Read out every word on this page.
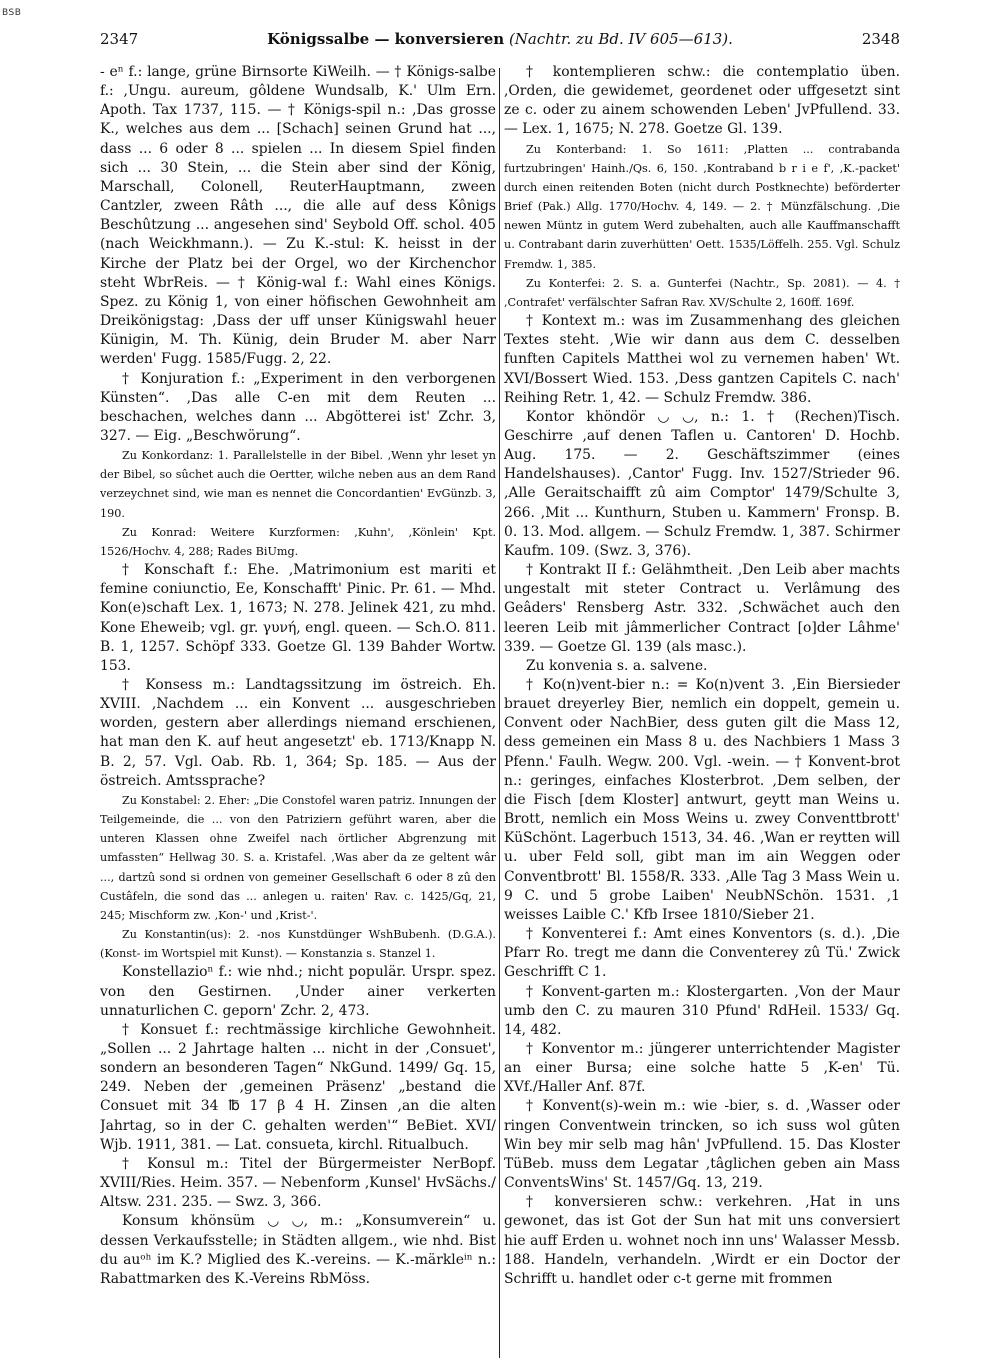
BSB
2347	Königssalbe — konversieren (Nachtr. zu Bd. IV 605—613).	2348

- eⁿ f.: lange, grüne Birnsorte KiWeilh. — † Königs-salbe f.: ,Ungu. aureum, gôldene Wundsalb, K.' Ulm Ern. Apoth. Tax 1737, 115. — † Königs-spil n.: ,Das grosse K., welches aus dem ... [Schach] seinen Grund hat ..., dass ... 6 oder 8 ... spielen ... In diesem Spiel finden sich ... 30 Stein, ... die Stein aber sind der König, Marschall, Colonell, ReuterHauptmann, zween Cantzler, zween Râth ..., die alle auf dess Kônigs Beschûtzung ... angesehen sind' Seybold Off. schol. 405 (nach Weickhmann.). — Zu K.-stul: K. heisst in der Kirche der Platz bei der Orgel, wo der Kirchenchor steht WbrReis. — † König-wal f.: Wahl eines Königs. Spez. zu König 1, von einer höfischen Gewohnheit am Dreikönigstag: ,Dass der uff unser Künigswahl heuer Künigin, M. Th. Künig, dein Bruder M. aber Narr werden' Fugg. 1585/Fugg. 2, 22.

† Konjuration f.: „Experiment in den verborgenen Künsten“. ,Das alle C-en mit dem Reuten ... beschachen, welches dann ... Abgötterei ist' Zchr. 3, 327. — Eig. „Beschwörung“.

Zu Konkordanz: 1. Parallelstelle in der Bibel. ,Wenn yhr leset yn der Bibel, so sûchet auch die Oertter, wilche neben aus an dem Rand verzeychnet sind, wie man es nennet die Concordantien' EvGünzb. 3, 190.

Zu Konrad: Weitere Kurzformen: ,Kuhn', ,Könlein' Kpt. 1526/Hochv. 4, 288; Rades BiUmg.

† Konschaft f.: Ehe. ,Matrimonium est mariti et femine coniunctio, Ee, Konschafft' Pinic. Pr. 61. — Mhd. Kon(e)schaft Lex. 1, 1673; N. 278. Jelinek 421, zu mhd. Kone Eheweib; vgl. gr. γυνή, engl. queen. — Sch.O. 811. B. 1, 1257. Schöpf 333. Goetze Gl. 139 Bahder Wortw. 153.

† Konsess m.: Landtagssitzung im östreich. Eh. XVIII. ,Nachdem ... ein Konvent ... ausgeschrieben worden, gestern aber allerdings niemand erschienen, hat man den K. auf heut angesetzt' eb. 1713/Knapp N. B. 2, 57. Vgl. Oab. Rb. 1, 364; Sp. 185. — Aus der östreich. Amtssprache?

Zu Konstabel: 2. Eher: „Die Constofel waren patriz. Innungen der Teilgemeinde, die ... von den Patriziern geführt waren, aber die unteren Klassen ohne Zweifel nach örtlicher Abgrenzung mit umfassten“ Hellwag 30. S. a. Kristafel. ,Was aber da ze geltent wâr ..., dartzû sond si ordnen von gemeiner Gesellschaft 6 oder 8 zû den Custâfeln, die sond das ... anlegen u. raiten' Rav. c. 1425/Gq, 21, 245; Mischform zw. ,Kon-' und ,Krist-'.

Zu Konstantin(us): 2. -nos Kunstdünger WshBubenh. (D.G.A.). (Konst- im Wortspiel mit Kunst). — Konstanzia s. Stanzel 1.

Konstellazioⁿ f.: wie nhd.; nicht populär. Urspr. spez. von den Gestirnen. ,Under ainer verkerten unnaturlichen C. geporn' Zchr. 2, 473.

† Konsuet f.: rechtmässige kirchliche Gewohnheit. „Sollen ... 2 Jahrtage halten ... nicht in der ,Consuet', sondern an besonderen Tagen“ NkGund. 1499/ Gq. 15, 249. Neben der ,gemeinen Präsenz' „bestand die Consuet mit 34 ℔ 17 β 4 H. Zinsen ,an die alten Jahrtag, so in der C. gehalten werden'“ BeBiet. XVI/ Wjb. 1911, 381. — Lat. consueta, kirchl. Ritualbuch.

† Konsul m.: Titel der Bürgermeister NerBopf. XVIII/Ries. Heim. 357. — Nebenform ,Kunsel' HvSächs./ Altsw. 231. 235. — Swz. 3, 366.

Konsum khönsüm ◡ ◡, m.: „Konsumverein“ u. dessen Verkaufsstelle; in Städten allgem., wie nhd. Bist du auᵒʰ im K.? Miglied des K.-vereins. — K.-märkleⁱⁿ n.: Rabattmarken des K.-Vereins RbMöss.

† kontemplieren schw.: die contemplatio üben. ,Orden, die gewidemet, geordenet oder uffgesetzt sint ze c. oder zu ainem schowenden Leben' JvPfullend. 33. — Lex. 1, 1675; N. 278. Goetze Gl. 139.

Zu Konterband: 1. So 1611: ,Platten ... contrabanda furtzubringen' Hainh./Qs. 6, 150. ,Kontraband b r i e f', ,K.-packet' durch einen reitenden Boten (nicht durch Postknechte) beförderter Brief (Pak.) Allg. 1770/Hochv. 4, 149. — 2. † Münzfälschung. ,Die newen Müntz in gutem Werd zubehalten, auch alle Kauffmanschafft u. Contrabant darin zuverhütten' Oett. 1535/Löffelh. 255. Vgl. Schulz Fremdw. 1, 385.

Zu Konterfei: 2. S. a. Gunterfei (Nachtr., Sp. 2081). — 4. † ,Contrafet' verfälschter Safran Rav. XV/Schulte 2, 160ff. 169f.

† Kontext m.: was im Zusammenhang des gleichen Textes steht. ,Wie wir dann aus dem C. desselben funften Capitels Matthei wol zu vernemen haben' Wt. XVI/Bossert Wied. 153. ,Dess gantzen Capitels C. nach' Reihing Retr. 1, 42. — Schulz Fremdw. 386.

Kontor khöndör ◡ ◡, n.: 1. † (Rechen)Tisch. Geschirre ,auf denen Taflen u. Cantoren' D. Hochb. Aug. 175. — 2. Geschäftszimmer (eines Handelshauses). ,Cantor' Fugg. Inv. 1527/Strieder 96. ,Alle Geraitschaifft zû aim Comptor' 1479/Schulte 3, 266. ,Mit ... Kunthurn, Stuben u. Kammern' Fronsp. B. 0. 13. Mod. allgem. — Schulz Fremdw. 1, 387. Schirmer Kaufm. 109. (Swz. 3, 376).

† Kontrakt II f.: Gelähmtheit. ,Den Leib aber machts ungestalt mit steter Contract u. Verlâmung des Geâders' Rensberg Astr. 332. ,Schwächet auch den leeren Leib mit jâmmerlicher Contract [o]der Lâhme' 339. — Goetze Gl. 139 (als masc.).

Zu konvenia s. a. salvene.

† Ko(n)vent-bier n.: = Ko(n)vent 3. ,Ein Biersieder brauet dreyerley Bier, nemlich ein doppelt, gemein u. Convent oder NachBier, dess guten gilt die Mass 12, dess gemeinen ein Mass 8 u. des Nachbiers 1 Mass 3 Pfenn.' Faulh. Wegw. 200. Vgl. -wein. — † Konvent-brot n.: geringes, einfaches Klosterbrot. ,Dem selben, der die Fisch [dem Kloster] antwurt, geytt man Weins u. Brott, nemlich ein Moss Weins u. zwey Conventtbrott' KüSchönt. Lagerbuch 1513, 34. 46. ,Wan er reytten will u. uber Feld soll, gibt man im ain Weggen oder Conventbrott' Bl. 1558/R. 333. ,Alle Tag 3 Mass Wein u. 9 C. und 5 grobe Laiben' NeubNSchön. 1531. ,1 weisses Laible C.' Kfb Irsee 1810/Sieber 21.

† Konventerei f.: Amt eines Konventors (s. d.). ,Die Pfarr Ro. tregt me dann die Conventerey zû Tü.' Zwick Geschrifft C 1.

† Konvent-garten m.: Klostergarten. ,Von der Maur umb den C. zu mauren 310 Pfund' RdHeil. 1533/ Gq. 14, 482.

† Konventor m.: jüngerer unterrichtender Magister an einer Bursa; eine solche hatte 5 ,K-en' Tü. XVf./Haller Anf. 87f.

† Konvent(s)-wein m.: wie -bier, s. d. ,Wasser oder ringen Conventwein trincken, so ich suss wol gûten Win bey mir selb mag hân' JvPfullend. 15. Das Kloster TüBeb. muss dem Legatar ,tâglichen geben ain Mass ConventsWins' St. 1457/Gq. 13, 219.

† konversieren schw.: verkehren. ,Hat in uns gewonet, das ist Got der Sun hat mit uns conversiert hie auff Erden u. wohnet noch inn uns' Walasser Messb. 188. Handeln, verhandeln. ,Wirdt er ein Doctor der Schrifft u. handlet oder c-t gerne mit frommen
